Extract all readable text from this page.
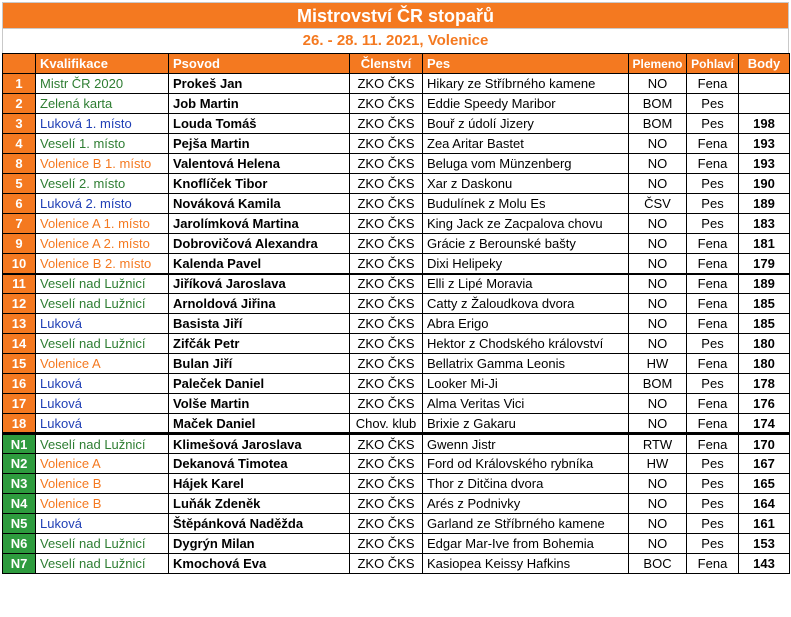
Mistrovství ČR stopařů
26. - 28. 11. 2021, Volenice
	Kvalifikace	Psovod	Členství	Pes	Plemeno	Pohlaví	Body
1	Mistr ČR 2020	Prokeš Jan	ZKO ČKS	Hikary ze Stříbrného kamene	NO	Fena	
2	Zelená karta	Job Martin	ZKO ČKS	Eddie Speedy Maribor	BOM	Pes	
3	Luková 1. místo	Louda Tomáš	ZKO ČKS	Bouř z údolí Jizery	BOM	Pes	198
4	Veselí 1. místo	Pejša Martin	ZKO ČKS	Zea Aritar Bastet	NO	Fena	193
8	Volenice B 1. místo	Valentová Helena	ZKO ČKS	Beluga vom Münzenberg	NO	Fena	193
5	Veselí 2. místo	Knoflíček Tibor	ZKO ČKS	Xar z Daskonu	NO	Pes	190
6	Luková 2. místo	Nováková Kamila	ZKO ČKS	Budulínek z Molu Es	ČSV	Pes	189
7	Volenice A 1. místo	Jarolímková Martina	ZKO ČKS	King Jack ze Zacpalova chovu	NO	Pes	183
9	Volenice A 2. místo	Dobrovičová Alexandra	ZKO ČKS	Grácie z Berounské bašty	NO	Fena	181
10	Volenice B 2. místo	Kalenda Pavel	ZKO ČKS	Dixi Helipeky	NO	Fena	179
11	Veselí nad Lužnicí	Jiříková Jaroslava	ZKO ČKS	Elli z Lipé Moravia	NO	Fena	189
12	Veselí nad Lužnicí	Arnoldová Jiřina	ZKO ČKS	Catty z Žaloudkova dvora	NO	Fena	185
13	Luková	Basista Jiří	ZKO ČKS	Abra Erigo	NO	Fena	185
14	Veselí nad Lužnicí	Zifčák Petr	ZKO ČKS	Hektor z Chodského království	NO	Pes	180
15	Volenice A	Bulan Jiří	ZKO ČKS	Bellatrix Gamma Leonis	HW	Fena	180
16	Luková	Paleček Daniel	ZKO ČKS	Looker Mi-Ji	BOM	Pes	178
17	Luková	Volše Martin	ZKO ČKS	Alma Veritas Vici	NO	Fena	176
18	Luková	Maček Daniel	Chov. klub	Brixie z Gakaru	NO	Fena	174
N1	Veselí nad Lužnicí	Klimešová Jaroslava	ZKO ČKS	Gwenn Jistr	RTW	Fena	170
N2	Volenice A	Dekanová Timotea	ZKO ČKS	Ford od Královského rybníka	HW	Pes	167
N3	Volenice B	Hájek Karel	ZKO ČKS	Thor z Ditčina dvora	NO	Pes	165
N4	Volenice B	Luňák Zdeněk	ZKO ČKS	Arés z Podnivky	NO	Pes	164
N5	Luková	Štěpánková Naděžda	ZKO ČKS	Garland ze Stříbrného kamene	NO	Pes	161
N6	Veselí nad Lužnicí	Dygrýn Milan	ZKO ČKS	Edgar Mar-Ive from Bohemia	NO	Pes	153
N7	Veselí nad Lužnicí	Kmochová Eva	ZKO ČKS	Kasiopea Keissy Hafkins	BOC	Fena	143
